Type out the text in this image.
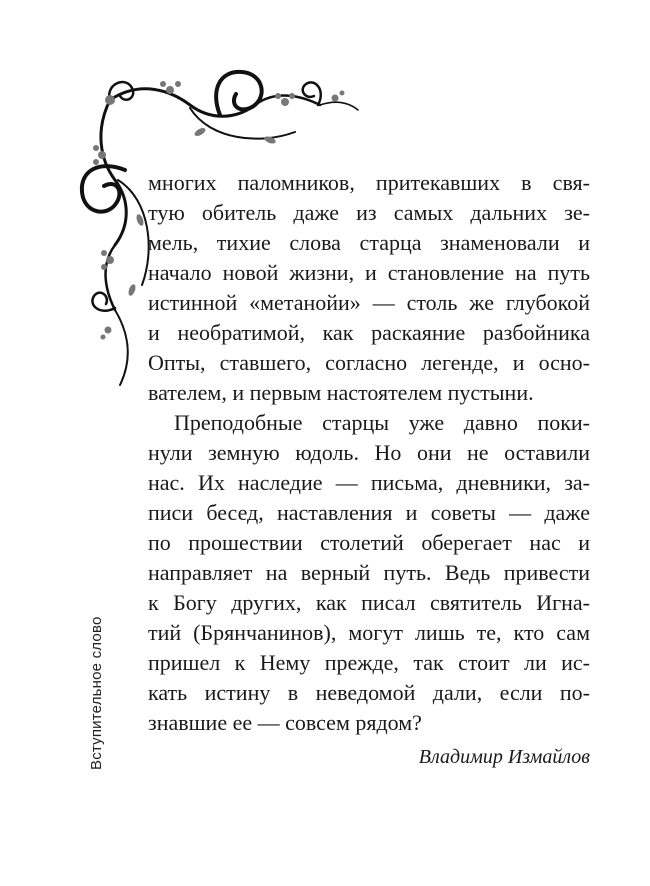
Вступительное слово
многих паломников, притекавших в свя-
тую обитель даже из самых дальних зе-
мель, тихие слова старца знаменовали и
начало новой жизни, и становление на путь
истинной «метанойи» — столь же глубокой
и необратимой, как раскаяние разбойника
Опты, ставшего, согласно легенде, и осно-
вателем, и первым настоятелем пустыни.
Преподобные старцы уже давно поки-
нули земную юдоль. Но они не оставили
нас. Их наследие — письма, дневники, за-
писи бесед, наставления и советы — даже
по прошествии столетий оберегает нас и
направляет на верный путь. Ведь привести
к Богу других, как писал святитель Игна-
тий (Брянчанинов), могут лишь те, кто сам
пришел к Нему прежде, так стоит ли ис-
кать истину в неведомой дали, если по-
знавшие ее — совсем рядом?
Владимир Измайлов
